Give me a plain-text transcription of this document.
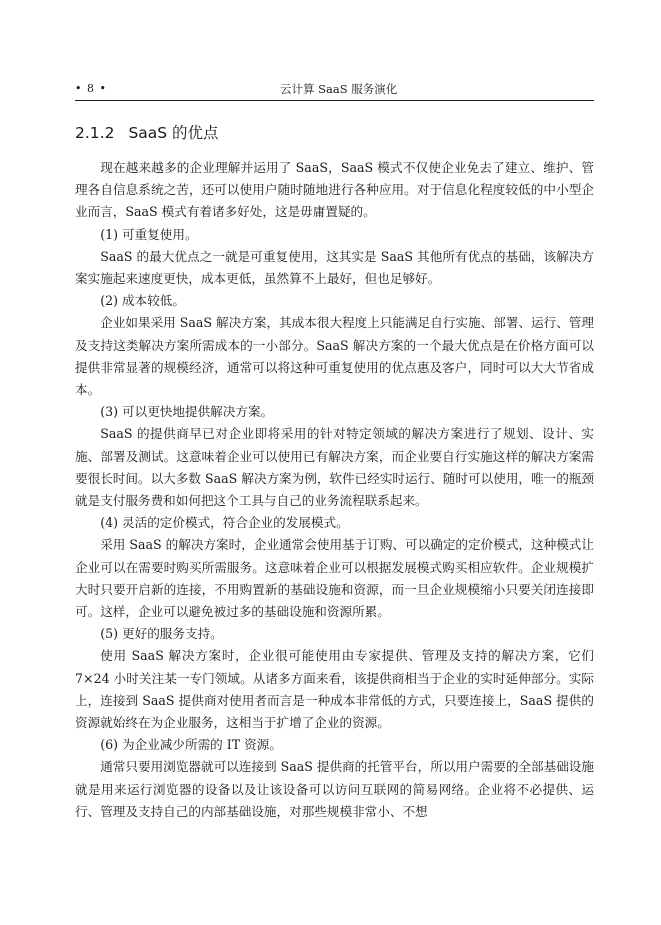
• 8 •	云计算 SaaS 服务演化
2.1.2 SaaS 的优点

现在越来越多的企业理解并运用了 SaaS，SaaS 模式不仅使企业免去了建立、维护、管理各自信息系统之苦，还可以使用户随时随地进行各种应用。对于信息化程度较低的中小型企业而言，SaaS 模式有着诸多好处，这是毋庸置疑的。

(1) 可重复使用。

SaaS 的最大优点之一就是可重复使用，这其实是 SaaS 其他所有优点的基础，该解决方案实施起来速度更快，成本更低，虽然算不上最好，但也足够好。

(2) 成本较低。

企业如果采用 SaaS 解决方案，其成本很大程度上只能满足自行实施、部署、运行、管理及支持这类解决方案所需成本的一小部分。SaaS 解决方案的一个最大优点是在价格方面可以提供非常显著的规模经济，通常可以将这种可重复使用的优点惠及客户，同时可以大大节省成本。

(3) 可以更快地提供解决方案。

SaaS 的提供商早已对企业即将采用的针对特定领域的解决方案进行了规划、设计、实施、部署及测试。这意味着企业可以使用已有解决方案，而企业要自行实施这样的解决方案需要很长时间。以大多数 SaaS 解决方案为例，软件已经实时运行、随时可以使用，唯一的瓶颈就是支付服务费和如何把这个工具与自己的业务流程联系起来。

(4) 灵活的定价模式，符合企业的发展模式。

采用 SaaS 的解决方案时，企业通常会使用基于订购、可以确定的定价模式，这种模式让企业可以在需要时购买所需服务。这意味着企业可以根据发展模式购买相应软件。企业规模扩大时只要开启新的连接，不用购置新的基础设施和资源，而一旦企业规模缩小只要关闭连接即可。这样，企业可以避免被过多的基础设施和资源所累。

(5) 更好的服务支持。

使用 SaaS 解决方案时，企业很可能使用由专家提供、管理及支持的解决方案，它们 7×24 小时关注某一专门领域。从诸多方面来看，该提供商相当于企业的实时延伸部分。实际上，连接到 SaaS 提供商对使用者而言是一种成本非常低的方式，只要连接上，SaaS 提供的资源就始终在为企业服务，这相当于扩增了企业的资源。

(6) 为企业减少所需的 IT 资源。

通常只要用浏览器就可以连接到 SaaS 提供商的托管平台，所以用户需要的全部基础设施就是用来运行浏览器的设备以及让该设备可以访问互联网的简易网络。企业将不必提供、运行、管理及支持自己的内部基础设施，对那些规模非常小、不想
